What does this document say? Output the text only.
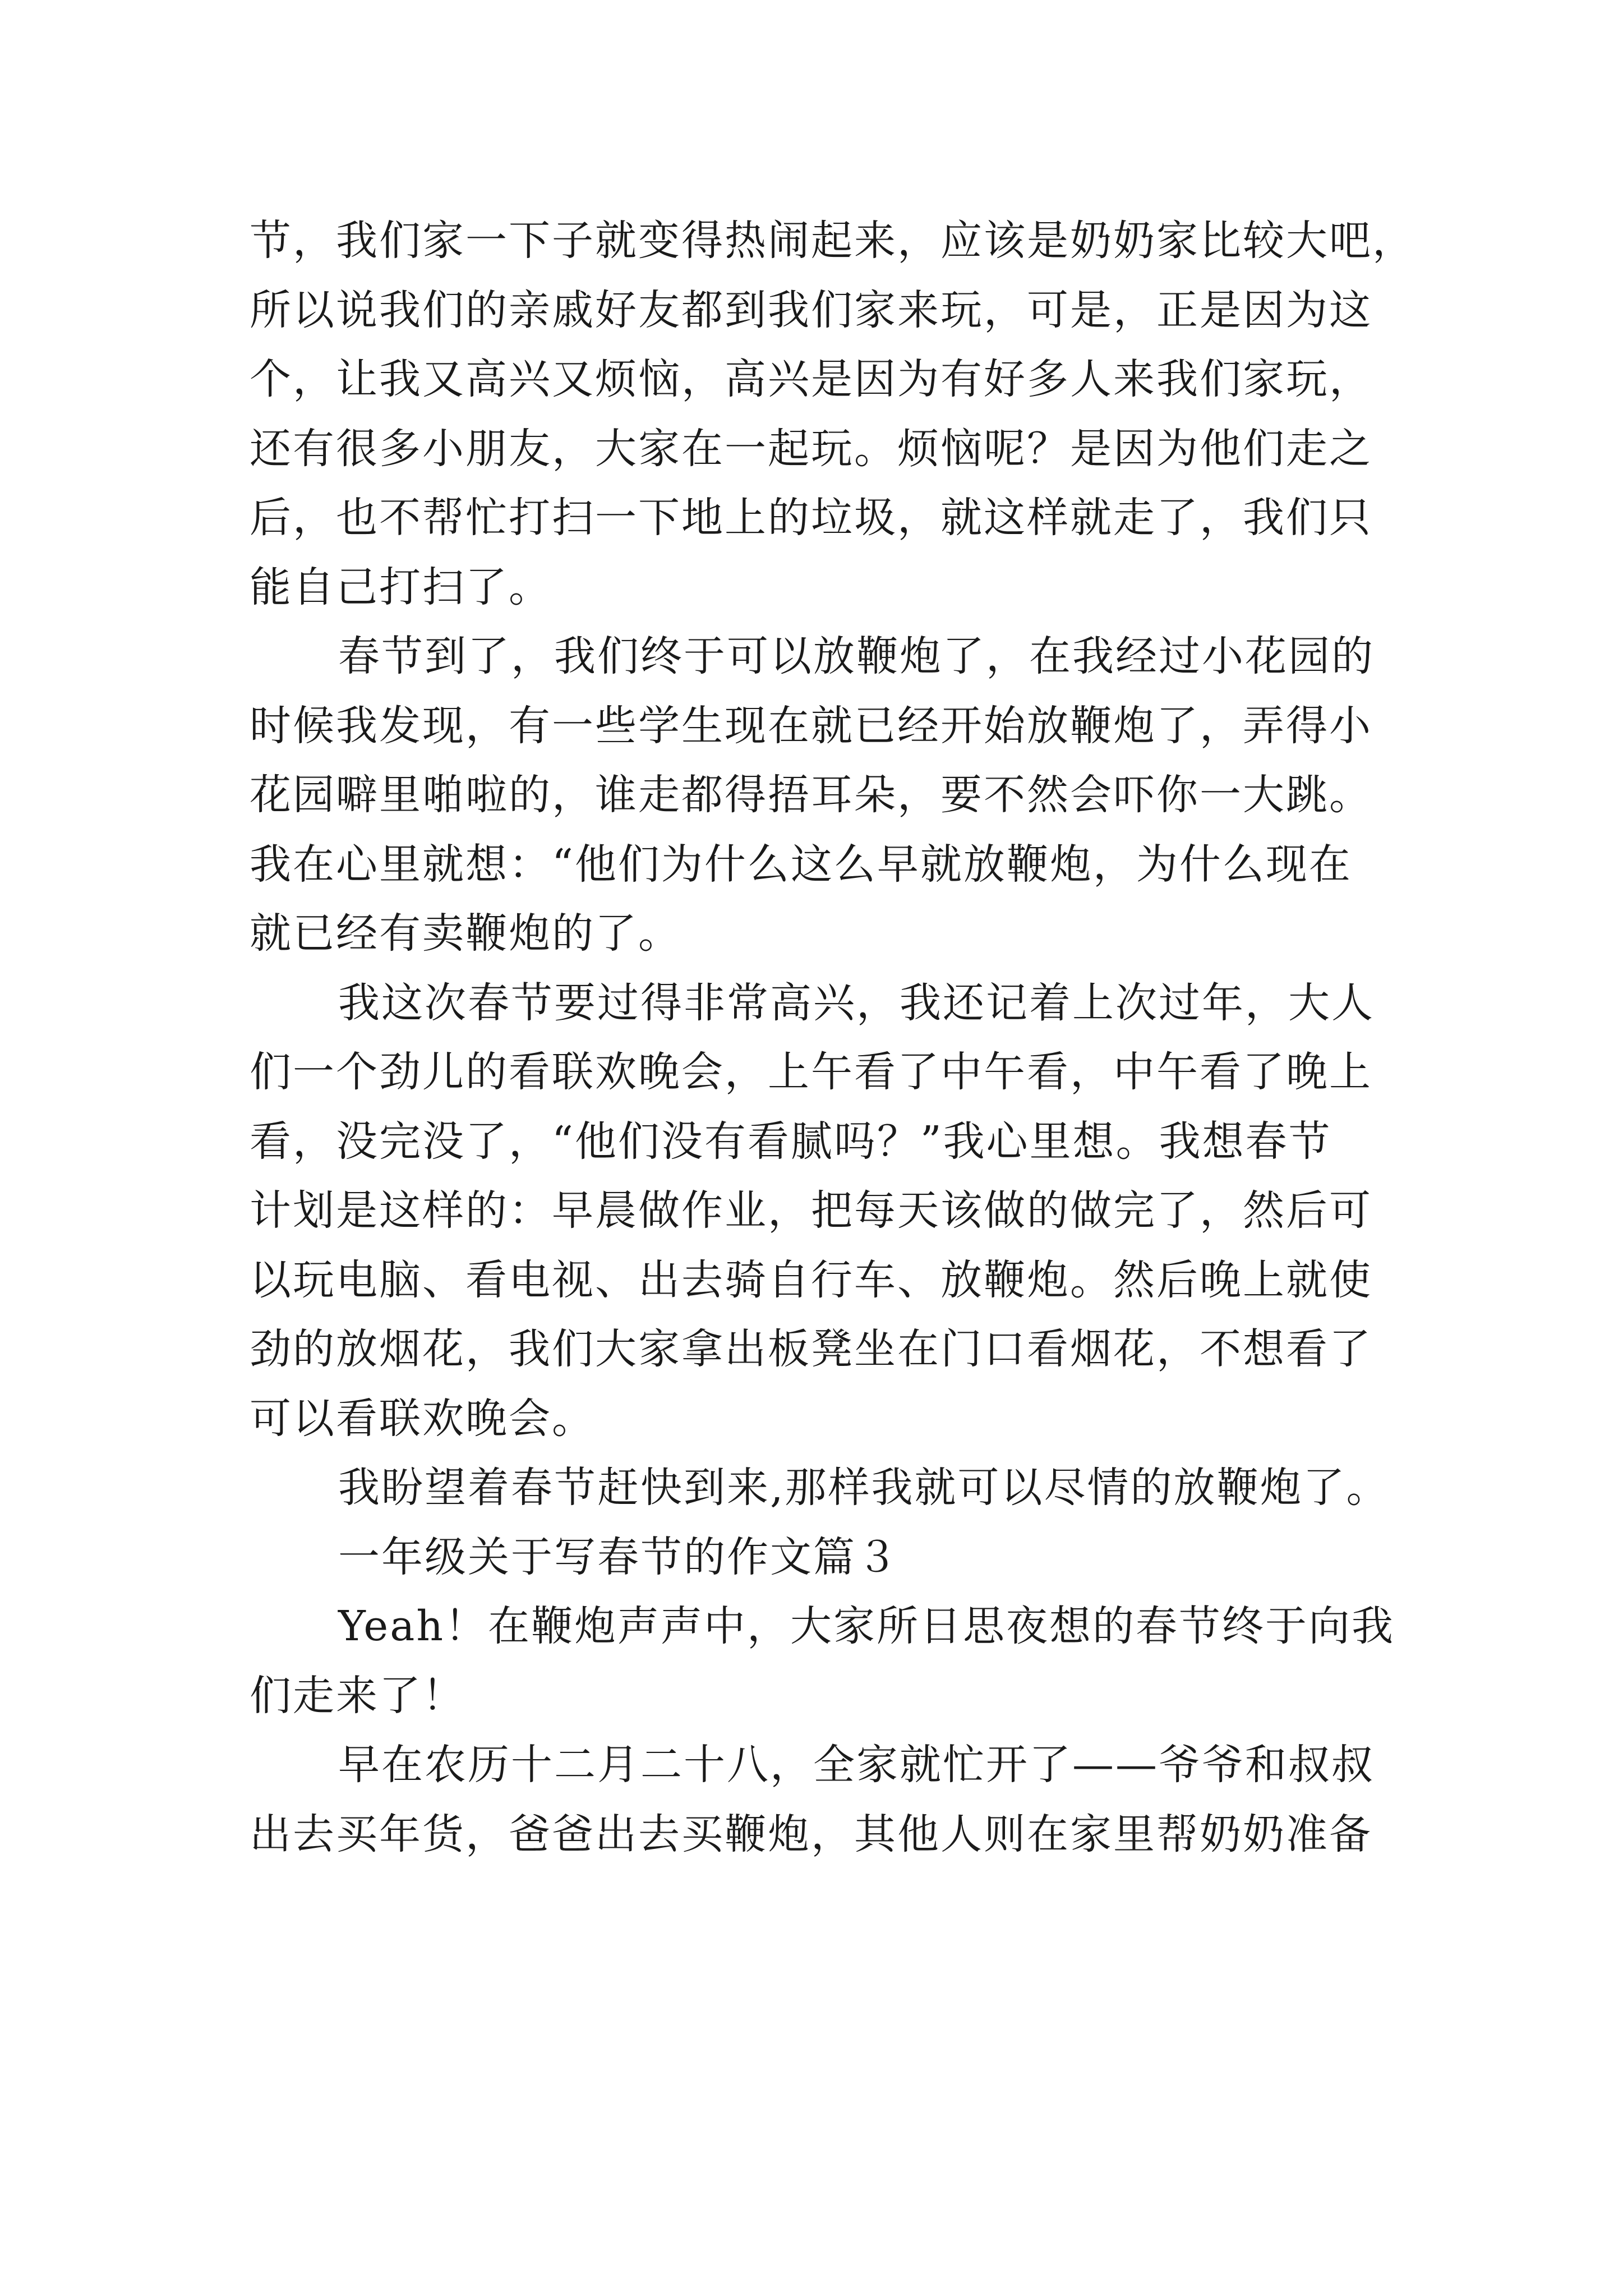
节，我们家一下子就变得热闹起来，应该是奶奶家比较大吧，
所以说我们的亲戚好友都到我们家来玩，可是，正是因为这
个，让我又高兴又烦恼，高兴是因为有好多人来我们家玩，
还有很多小朋友，大家在一起玩。烦恼呢？是因为他们走之
后，也不帮忙打扫一下地上的垃圾，就这样就走了，我们只
能自己打扫了。
春节到了，我们终于可以放鞭炮了，在我经过小花园的
时候我发现，有一些学生现在就已经开始放鞭炮了，弄得小
花园噼里啪啦的，谁走都得捂耳朵，要不然会吓你一大跳。
我在心里就想：“他们为什么这么早就放鞭炮，为什么现在
就已经有卖鞭炮的了。
我这次春节要过得非常高兴，我还记着上次过年，大人
们一个劲儿的看联欢晚会，上午看了中午看，中午看了晚上
看，没完没了，“他们没有看腻吗？”我心里想。我想春节
计划是这样的：早晨做作业，把每天该做的做完了，然后可
以玩电脑、看电视、出去骑自行车、放鞭炮。然后晚上就使
劲的放烟花，我们大家拿出板凳坐在门口看烟花，不想看了
可以看联欢晚会。
我盼望着春节赶快到来,那样我就可以尽情的放鞭炮了。
一年级关于写春节的作文篇３
Yeah！在鞭炮声声中，大家所日思夜想的春节终于向我
们走来了！
早在农历十二月二十八，全家就忙开了——爷爷和叔叔
出去买年货，爸爸出去买鞭炮，其他人则在家里帮奶奶准备
